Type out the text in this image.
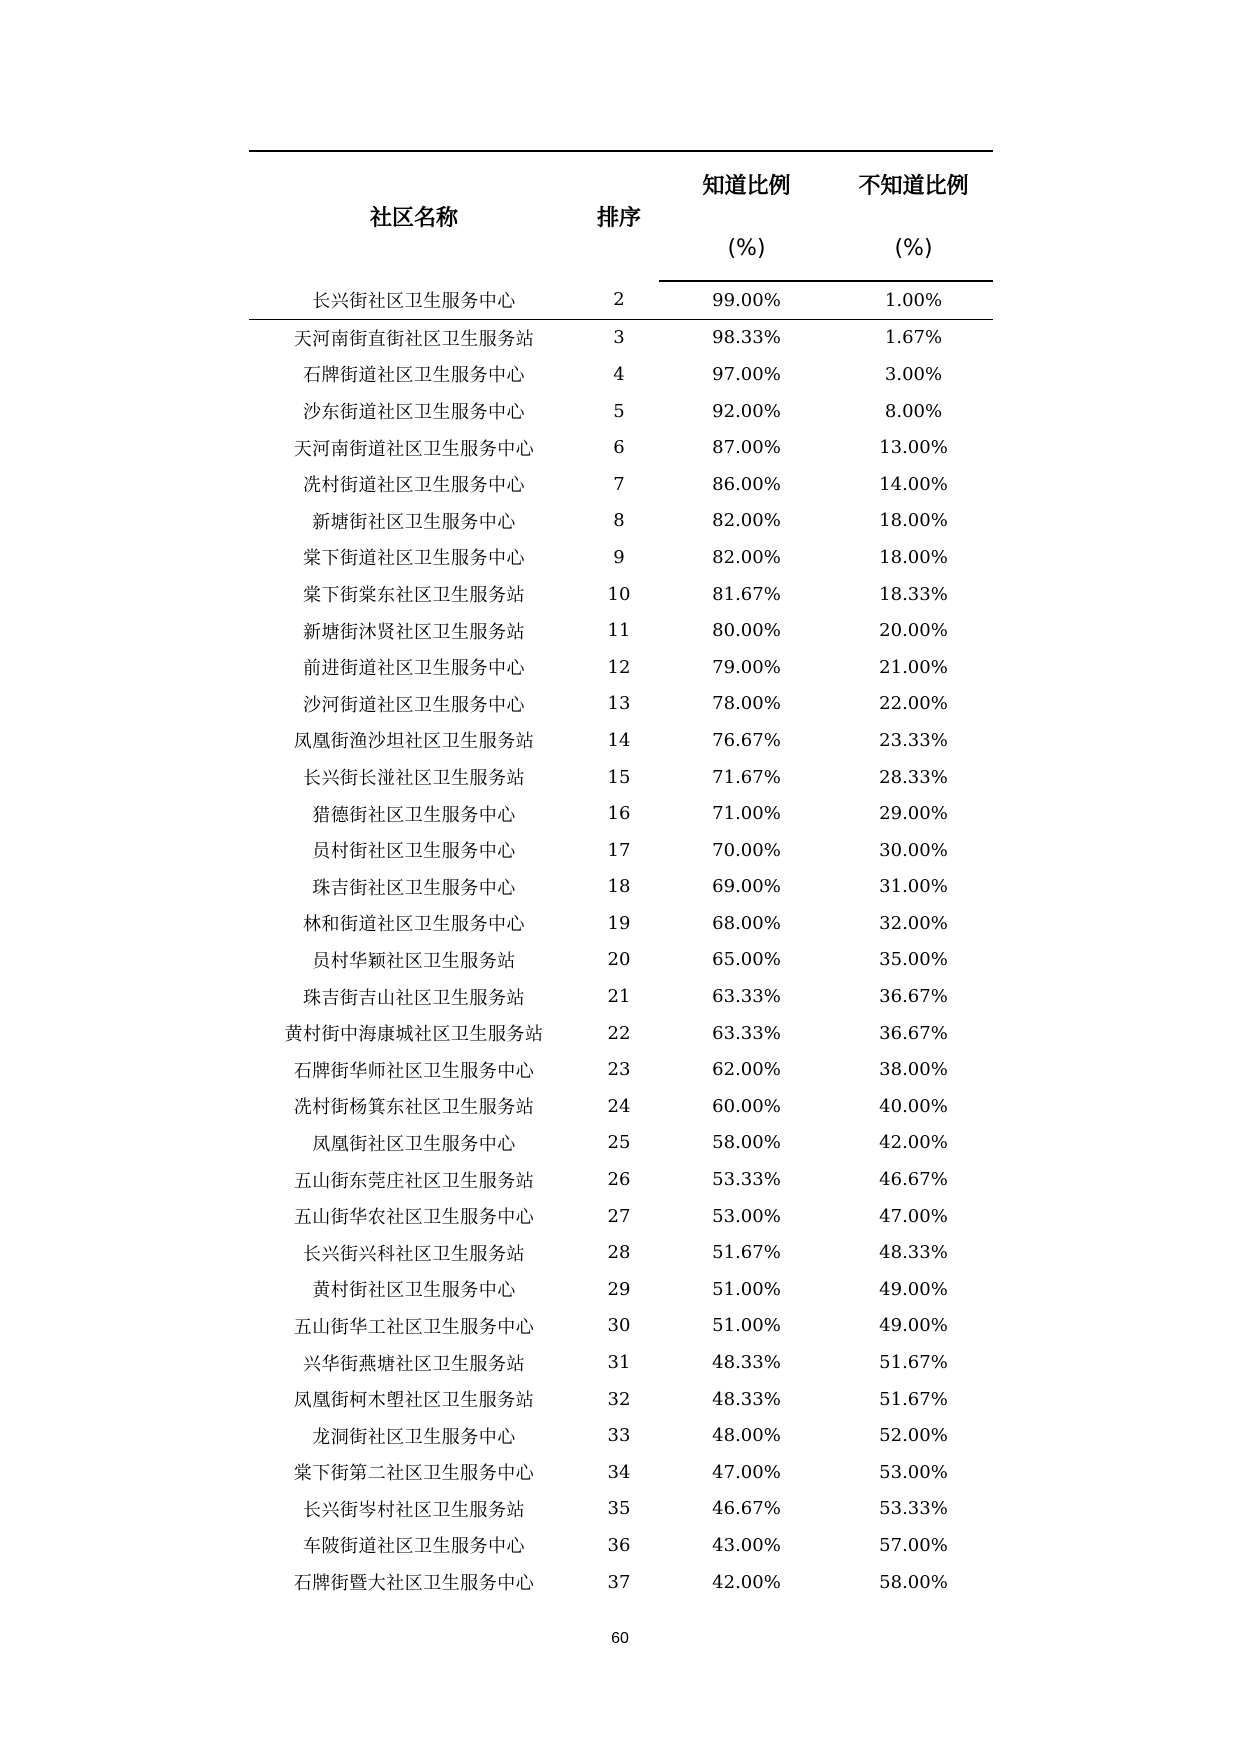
社区名称	排序	知道比例	不知道比例
		(%)	(%)
长兴街社区卫生服务中心	2	99.00%	1.00%
天河南街直街社区卫生服务站	3	98.33%	1.67%
石牌街道社区卫生服务中心	4	97.00%	3.00%
沙东街道社区卫生服务中心	5	92.00%	8.00%
天河南街道社区卫生服务中心	6	87.00%	13.00%
冼村街道社区卫生服务中心	7	86.00%	14.00%
新塘街社区卫生服务中心	8	82.00%	18.00%
棠下街道社区卫生服务中心	9	82.00%	18.00%
棠下街棠东社区卫生服务站	10	81.67%	18.33%
新塘街沐贤社区卫生服务站	11	80.00%	20.00%
前进街道社区卫生服务中心	12	79.00%	21.00%
沙河街道社区卫生服务中心	13	78.00%	22.00%
凤凰街渔沙坦社区卫生服务站	14	76.67%	23.33%
长兴街长湴社区卫生服务站	15	71.67%	28.33%
猎德街社区卫生服务中心	16	71.00%	29.00%
员村街社区卫生服务中心	17	70.00%	30.00%
珠吉街社区卫生服务中心	18	69.00%	31.00%
林和街道社区卫生服务中心	19	68.00%	32.00%
员村华颖社区卫生服务站	20	65.00%	35.00%
珠吉街吉山社区卫生服务站	21	63.33%	36.67%
黄村街中海康城社区卫生服务站	22	63.33%	36.67%
石牌街华师社区卫生服务中心	23	62.00%	38.00%
冼村街杨箕东社区卫生服务站	24	60.00%	40.00%
凤凰街社区卫生服务中心	25	58.00%	42.00%
五山街东莞庄社区卫生服务站	26	53.33%	46.67%
五山街华农社区卫生服务中心	27	53.00%	47.00%
长兴街兴科社区卫生服务站	28	51.67%	48.33%
黄村街社区卫生服务中心	29	51.00%	49.00%
五山街华工社区卫生服务中心	30	51.00%	49.00%
兴华街燕塘社区卫生服务站	31	48.33%	51.67%
凤凰街柯木塱社区卫生服务站	32	48.33%	51.67%
龙洞街社区卫生服务中心	33	48.00%	52.00%
棠下街第二社区卫生服务中心	34	47.00%	53.00%
长兴街岑村社区卫生服务站	35	46.67%	53.33%
车陂街道社区卫生服务中心	36	43.00%	57.00%
石牌街暨大社区卫生服务中心	37	42.00%	58.00%
60
